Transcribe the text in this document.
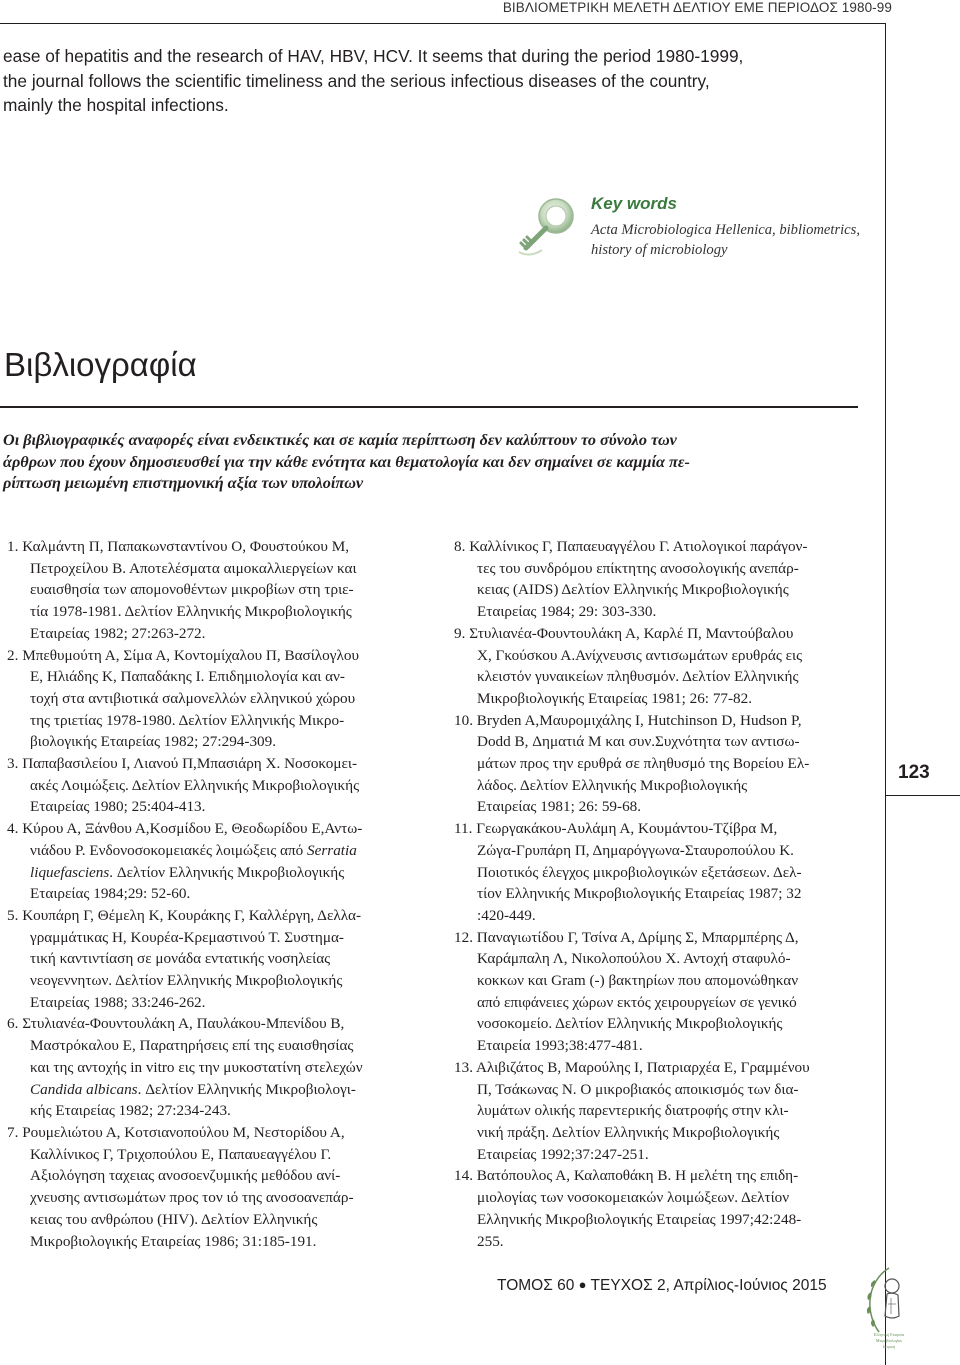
ΒΙΒΛΙΟΜΕΤΡΙΚΗ ΜΕΛΕΤΗ ΔΕΛΤΙΟΥ ΕΜΕ ΠΕΡΙΟΔΟΣ 1980-99

ease of hepatitis and the research of HAV, HBV, HCV. It seems that during the period 1980-1999,

the journal follows the scientific timeliness and the serious infectious diseases of the country,

mainly the hospital infections.

Key words
Acta Microbiologica Hellenica, bibliometrics,
history of microbiology
Βιβλιογραφία

Οι βιβλιογραφικές αναφορές είναι ενδεικτικές και σε καμία περίπτωση δεν καλύπτουν το σύνολο των

άρθρων που έχουν δημοσιευσθεί για την κάθε ενότητα και θεματολογία και δεν σημαίνει σε καμμία πε-

ρίπτωση μειωμένη επιστημονική αξία των υπολοίπων

1. Καλμάντη Π, Παπακωνσταντίνου Ο, Φουστούκου Μ,

Πετροχείλου Β. Αποτελέσματα αιμοκαλλιεργείων και

ευαισθησία των απομονοθέντων μικροβίων στη τριε-

τία 1978-1981. Δελτίον Ελληνικής Μικροβιολογικής

Εταιρείας 1982; 27:263-272.

2. Μπεθυμούτη Α, Σίμα Α, Κοντομίχαλου Π, Βασίλογλου

Ε, Ηλιάδης Κ, Παπαδάκης Ι. Επιδημιολογία και αν-

τοχή στα αντιβιοτικά σαλμονελλών ελληνικού χώρου

της τριετίας 1978-1980. Δελτίον Ελληνικής Μικρο-

βιολογικής Εταιρείας 1982; 27:294-309.

3. Παπαβασιλείου Ι, Λιανού Π,Μπασιάρη Χ. Νοσοκομει-

ακές Λοιμώξεις. Δελτίον Ελληνικής Μικροβιολογικής

Εταιρείας 1980; 25:404-413.

4. Κύρου Α, Ξάνθου Α,Κοσμίδου Ε, Θεοδωρίδου Ε,Αντω-

νιάδου Ρ. Ενδονοσοκομειακές λοιμώξεις από Serratia

liquefasciens. Δελτίον Ελληνικής Μικροβιολογικής

Εταιρείας 1984;29: 52-60.

5. Κουπάρη Γ, Θέμελη Κ, Κουράκης Γ, Καλλέργη, Δελλα-

γραμμάτικας Η, Κουρέα-Κρεμαστινού Τ. Συστημα-

τική καντιντίαση σε μονάδα εντατικής νοσηλείας

νεογεννητων. Δελτίον Ελληνικής Μικροβιολογικής

Εταιρείας 1988; 33:246-262.

6. Στυλιανέα-Φουντουλάκη Α, Παυλάκου-Μπενίδου Β,

Μαστρόκαλου Ε, Παρατηρήσεις επί της ευαισθησίας

και της αντοχής in vitro εις την μυκοστατίνη στελεχών

Candida albicans. Δελτίον Ελληνικής Μικροβιολογι-

κής Εταιρείας 1982; 27:234-243.

7. Ρουμελιώτου Α, Κοτσιανοπούλου Μ, Νεστορίδου Α,

Καλλίνικος Γ, Τριχοπούλου Ε, Παπαυεαγγέλου Γ.

Αξιολόγηση ταχειας ανοσοενζυμικής μεθόδου ανί-

χνευσης αντισωμάτων προς τον ιό της ανοσοανεπάρ-

κειας του ανθρώπου (HIV). Δελτίον Ελληνικής

Μικροβιολογικής Εταιρείας 1986; 31:185-191.

8. Καλλίνικος Γ, Παπαευαγγέλου Γ. Ατιολογικοί παράγον-

τες του συνδρόμου επίκτητης ανοσολογικής ανεπάρ-

κειας (AIDS) Δελτίον Ελληνικής Μικροβιολογικής

Εταιρείας 1984; 29: 303-330.

9. Στυλιανέα-Φουντουλάκη Α, Καρλέ Π, Μαντούβαλου

Χ, Γκούσκου Α.Ανίχνευσις αντισωμάτων ερυθράς εις

κλειστόν γυναικείων πληθυσμόν. Δελτίον Ελληνικής

Μικροβιολογικής Εταιρείας 1981; 26: 77-82.

10. Bryden A,Μαυρομιχάλης Ι, Hutchinson D, Hudson P,

Dodd B, Δηματιά Μ και συν.Συχνότητα των αντισω-

μάτων προς την ερυθρά σε πληθυσμό της Βορείου Ελ-

λάδος. Δελτίον Ελληνικής Μικροβιολογικής

Εταιρείας 1981; 26: 59-68.

11. Γεωργακάκου-Αυλάμη Α, Κουμάντου-Τζίβρα Μ,

Ζώγα-Γρυπάρη Π, Δημαρόγγωνα-Σταυροπούλου Κ.

Ποιοτικός έλεγχος μικροβιολογικών εξετάσεων. Δελ-

τίον Ελληνικής Μικροβιολογικής Εταιρείας 1987; 32

:420-449.

12. Παναγιωτίδου Γ, Τσίνα Α, Δρίμης Σ, Μπαρμπέρης Δ,

Καράμπαλη Λ, Νικολοπούλου Χ. Αντοχή σταφυλό-

κοκκων και Gram (-) βακτηρίων που απομονώθηκαν

από επιφάνειες χώρων εκτός χειρουργείων σε γενικό

νοσοκομείο. Δελτίον Ελληνικής Μικροβιολογικής

Εταιρεία 1993;38:477-481.

13. Αλιβιζάτος Β, Μαρούλης Ι, Πατριαρχέα Ε, Γραμμένου

Π, Τσάκωνας Ν. Ο μικροβιακός αποικισμός των δια-

λυμάτων ολικής παρεντερικής διατροφής στην κλι-

νική πράξη. Δελτίον Ελληνικής Μικροβιολογικής

Εταιρείας 1992;37:247-251.

14. Βατόπουλος Α, Καλαποθάκη Β. Η μελέτη της επιδη-

μιολογίας των νοσοκομειακών λοιμώξεων. Δελτίον

Ελληνικής Μικροβιολογικής Εταιρείας 1997;42:248-

255.

123
ΤΟΜΟΣ 60 ● ΤΕΥΧΟΣ 2, Απρίλιος-Ιούνιος 2015
Ελληνική Εταιρεία
Μικροβιολογίας
Ιατρική
